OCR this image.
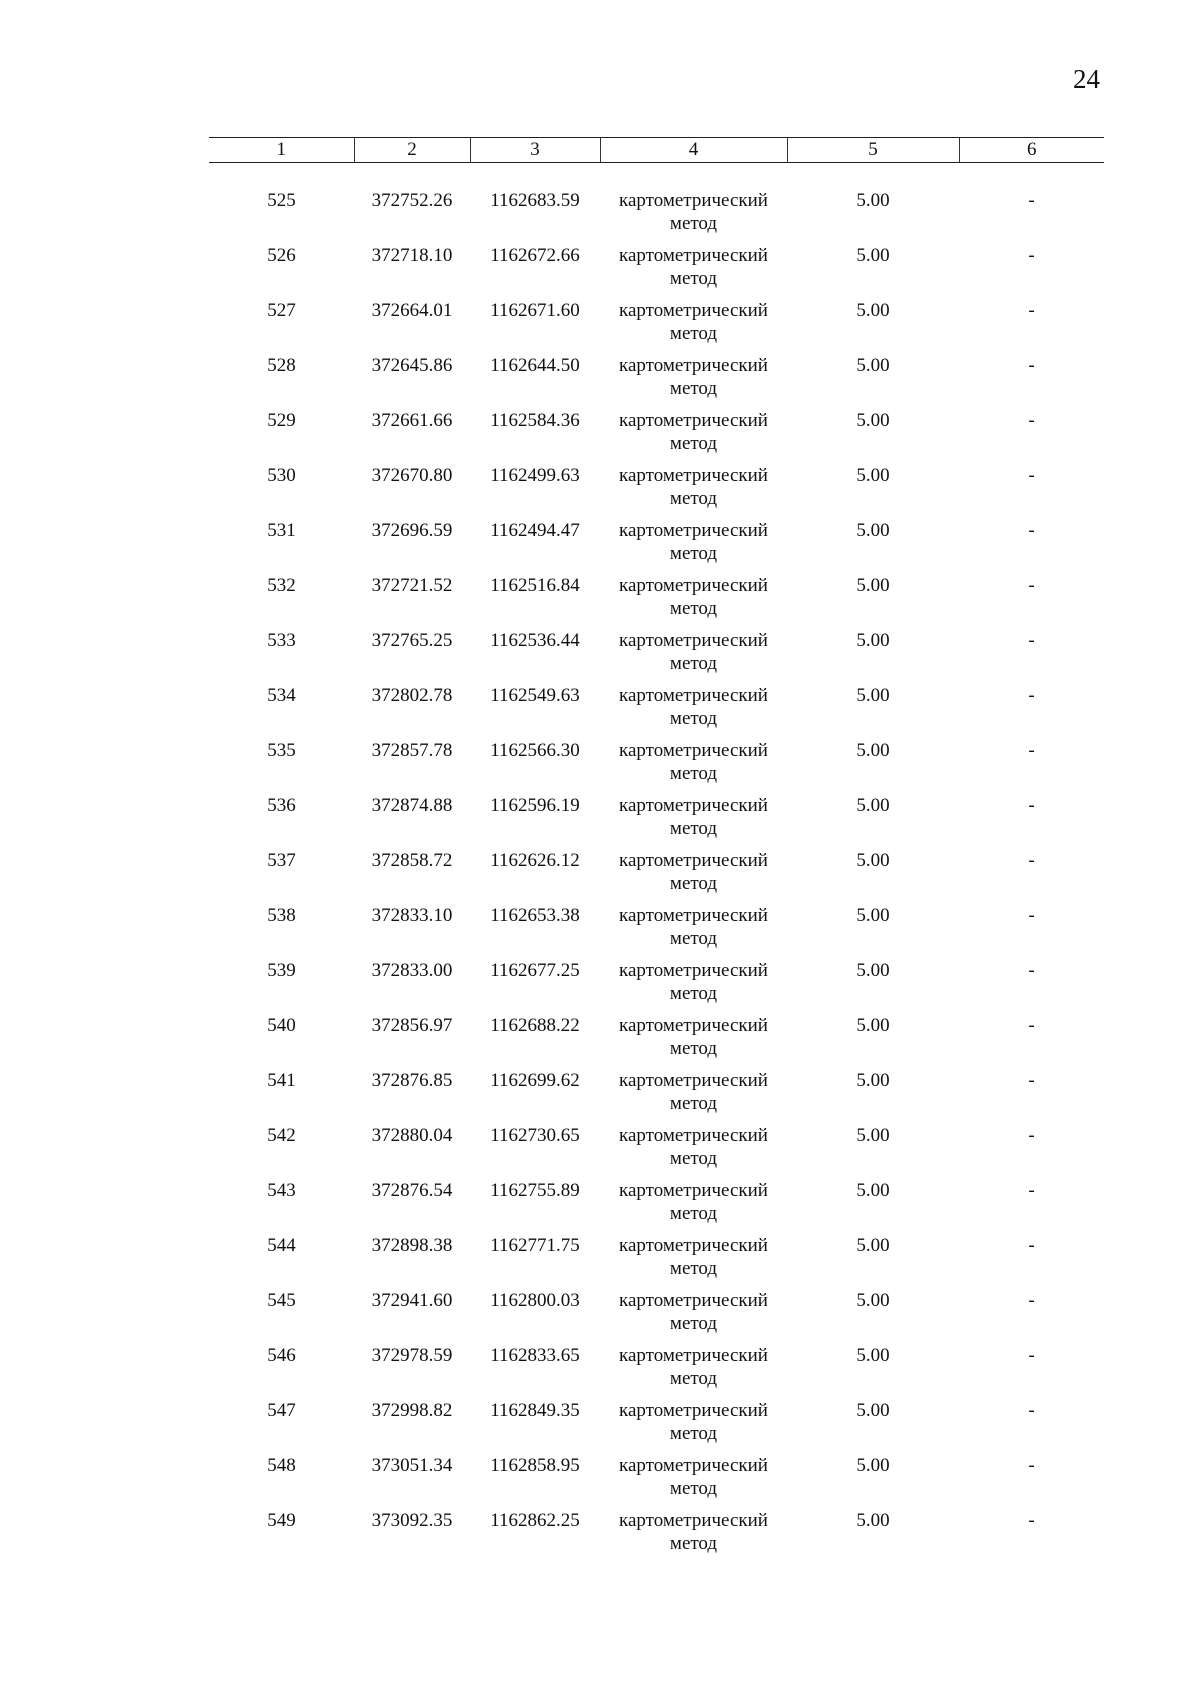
24
1	2	3	4	5	6

525	372752.26	1162683.59	картометрический метод	5.00	-
526	372718.10	1162672.66	картометрический метод	5.00	-
527	372664.01	1162671.60	картометрический метод	5.00	-
528	372645.86	1162644.50	картометрический метод	5.00	-
529	372661.66	1162584.36	картометрический метод	5.00	-
530	372670.80	1162499.63	картометрический метод	5.00	-
531	372696.59	1162494.47	картометрический метод	5.00	-
532	372721.52	1162516.84	картометрический метод	5.00	-
533	372765.25	1162536.44	картометрический метод	5.00	-
534	372802.78	1162549.63	картометрический метод	5.00	-
535	372857.78	1162566.30	картометрический метод	5.00	-
536	372874.88	1162596.19	картометрический метод	5.00	-
537	372858.72	1162626.12	картометрический метод	5.00	-
538	372833.10	1162653.38	картометрический метод	5.00	-
539	372833.00	1162677.25	картометрический метод	5.00	-
540	372856.97	1162688.22	картометрический метод	5.00	-
541	372876.85	1162699.62	картометрический метод	5.00	-
542	372880.04	1162730.65	картометрический метод	5.00	-
543	372876.54	1162755.89	картометрический метод	5.00	-
544	372898.38	1162771.75	картометрический метод	5.00	-
545	372941.60	1162800.03	картометрический метод	5.00	-
546	372978.59	1162833.65	картометрический метод	5.00	-
547	372998.82	1162849.35	картометрический метод	5.00	-
548	373051.34	1162858.95	картометрический метод	5.00	-
549	373092.35	1162862.25	картометрический метод	5.00	-
